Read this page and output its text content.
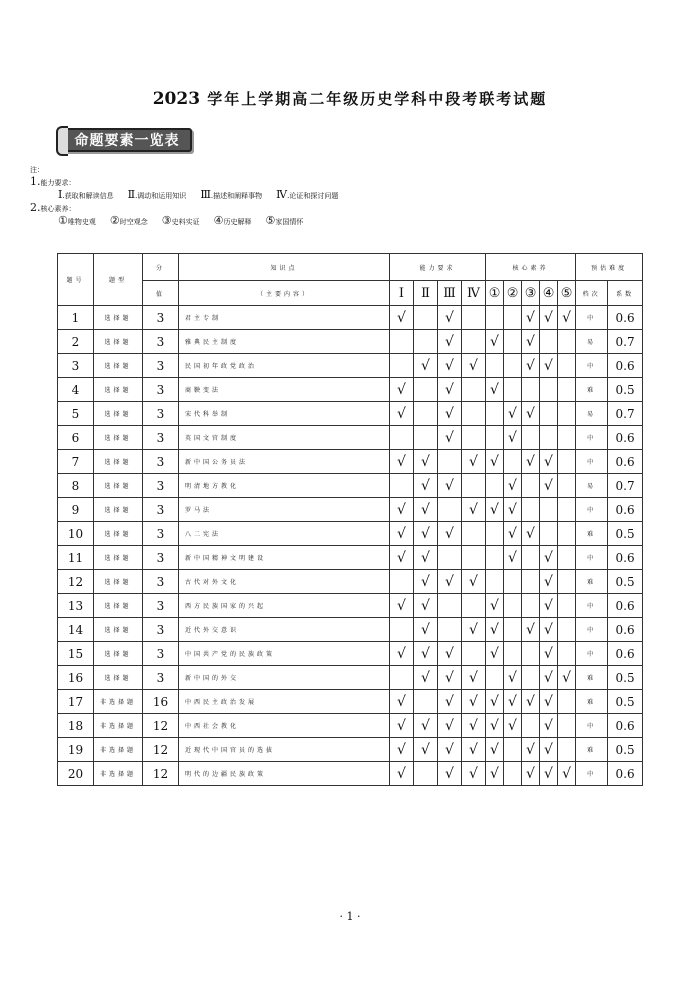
2023 学年上学期高二年级历史学科中段考联考试题
命题要素一览表
注：
1.能力要求：
Ⅰ.获取和解读信息 Ⅱ.调动和运用知识 Ⅲ.描述和阐释事物 Ⅳ.论证和探讨问题
2.核心素养：
①唯物史观 ②时空观念 ③史料实证 ④历史解释 ⑤家国情怀
题号	题型	分	知识点	能力要求				核心素养					预估难度	
		值	（主要内容）	Ⅰ	Ⅱ	Ⅲ	Ⅳ	①	②	③	④	⑤	档次	系数
1	选择题	3	君主专制	√		√				√	√	√	中	0.6
2	选择题	3	雅典民主制度			√		√		√			易	0.7
3	选择题	3	民国初年政党政治		√	√	√			√	√		中	0.6
4	选择题	3	商鞅变法	√		√		√					难	0.5
5	选择题	3	宋代科举制	√		√			√	√			易	0.7
6	选择题	3	英国文官制度			√			√				中	0.6
7	选择题	3	新中国公务员法	√	√		√	√		√	√		中	0.6
8	选择题	3	明清地方教化		√	√			√		√		易	0.7
9	选择题	3	罗马法	√	√		√	√	√				中	0.6
10	选择题	3	八二宪法	√	√	√			√	√			难	0.5
11	选择题	3	新中国精神文明建设	√	√				√		√		中	0.6
12	选择题	3	古代对外文化		√	√	√				√		难	0.5
13	选择题	3	西方民族国家的兴起	√	√			√			√		中	0.6
14	选择题	3	近代外交意识		√		√	√		√	√		中	0.6
15	选择题	3	中国共产党的民族政策	√	√	√		√			√		中	0.6
16	选择题	3	新中国的外交		√	√	√		√		√	√	难	0.5
17	非选择题	16	中西民主政治发展	√		√	√	√	√	√	√		难	0.5
18	非选择题	12	中西社会教化	√	√	√	√	√	√		√		中	0.6
19	非选择题	12	近现代中国官员的选拔	√	√	√	√	√		√	√		难	0.5
20	非选择题	12	明代的边疆民族政策	√		√	√	√		√	√	√	中	0.6
· 1 ·
